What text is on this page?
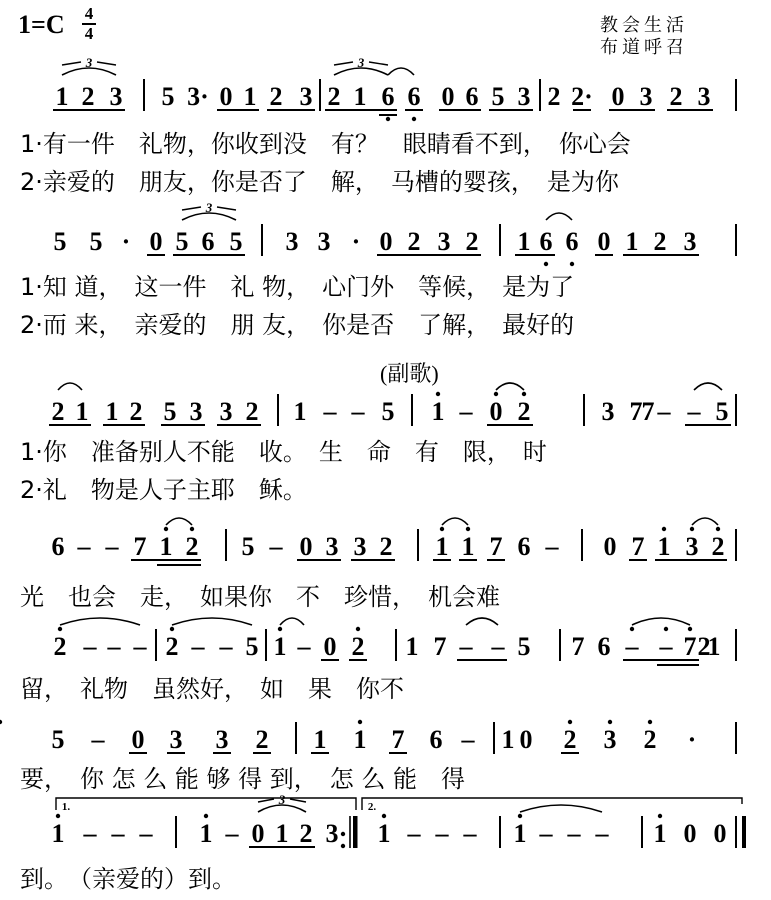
1=C 4
4	教会生活
布道呼召
(副歌)
1 2 3 5 3· 0 1 2 3 2 1 6 6 0 6 5 3 2 2· 0 3 2 3
3	3
1·有一件　礼物，你收到没　有？　眼睛看不到，　你心会
2·亲爱的　朋友，你是否了　解，　马槽的婴孩，　是为你
5 5 · 0 5 6 5 3 3 · 0 2 3 2 1 6 6 0 1 2 3
3
1·知 道，　这一件　礼 物，　心门外　等候，　是为了
2·而 来，　亲爱的　朋 友，　你是否　了解，　最好的
2 1 1 2 5 3 3 2 1 – – 5 1 – 0 2	3 7 – – 5
7
1·你　准备别人不能　收。　生　命　有　限，　时
2·礼　物是人子主耶　稣。
6 – – 7 1 2 5 – 0 3 3 2 1 1 7 6 – 0 7 1 3 2
光　也会　走，　如果你　不　珍惜，　机会难
2 – – – 2 – – 5 1 – 0 2 1 7 – – 5 7 6 – – 7 1
2
留，　礼物　虽然好，　如　果　你不
5 – 0 3 3 2 1 1 7 6 – 0 2 3 2 ·
1
要，　你 怎 么 能 够 得 到，　怎 么 能　得
1 – – – 1 – 0 1 2 3 1 – – – 1 – – – 1 0 0
3
到。　（亲爱的）到。
1.	2.
